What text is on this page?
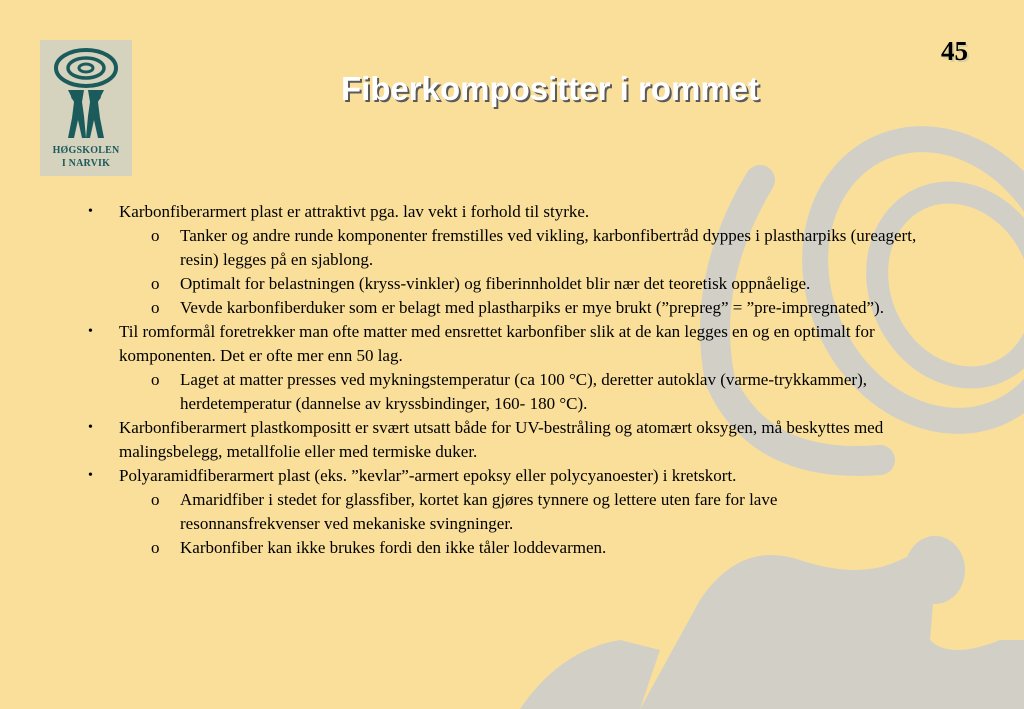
HØGSKOLEN
I NARVIK
45
Fiberkompositter i rommet
• Karbonfiberarmert plast er attraktivt pga. lav vekt i forhold til styrke.
o Tanker og andre runde komponenter fremstilles ved vikling, karbonfibertråd dyppes i plastharpiks (ureagert, resin) legges på en sjablong.
o Optimalt for belastningen (kryss-vinkler) og fiberinnholdet blir nær det teoretisk oppnåelige.
o Vevde karbonfiberduker som er belagt med plastharpiks er mye brukt (”prepreg” = ”pre-impregnated”).
• Til romformål foretrekker man ofte matter med ensrettet karbonfiber slik at de kan legges en og en optimalt for komponenten. Det er ofte mer enn 50 lag.
o Laget at matter presses ved mykningstemperatur (ca 100 °C), deretter autoklav (varme-trykkammer), herdetemperatur (dannelse av kryssbindinger, 160- 180 °C).
• Karbonfiberarmert plastkompositt er svært utsatt både for UV-bestråling og atomært oksygen, må beskyttes med malingsbelegg, metallfolie eller med termiske duker.
• Polyaramidfiberarmert plast (eks. ”kevlar”-armert epoksy eller polycyanoester) i kretskort.
o Amaridfiber i stedet for glassfiber, kortet kan gjøres tynnere og lettere uten fare for lave resonnansfrekvenser ved mekaniske svingninger.
o Karbonfiber kan ikke brukes fordi den ikke tåler loddevarmen.
